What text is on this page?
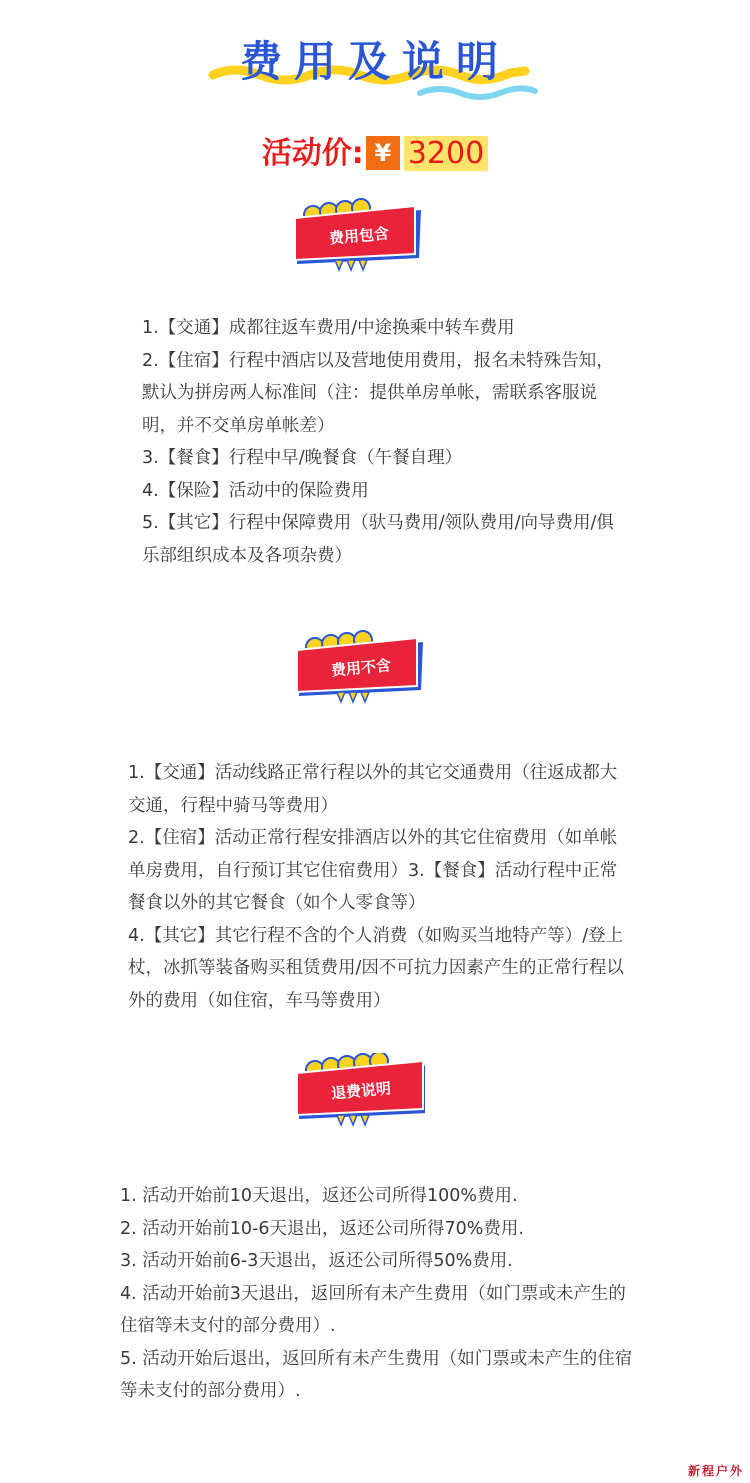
费用及说明
活动价: ¥ 3200
费用包含

1.【交通】成都往返车费用/中途换乘中转车费用

2.【住宿】行程中酒店以及营地使用费用，报名未特殊告知，默认为拼房两人标准间（注：提供单房单帐，需联系客服说明，并不交单房单帐差）

3.【餐食】行程中早/晚餐食（午餐自理）

4.【保险】活动中的保险费用

5.【其它】行程中保障费用（驮马费用/领队费用/向导费用/俱乐部组织成本及各项杂费）

费用不含

1.【交通】活动线路正常行程以外的其它交通费用（往返成都大交通，行程中骑马等费用）

2.【住宿】活动正常行程安排酒店以外的其它住宿费用（如单帐单房费用，自行预订其它住宿费用）3.【餐食】活动行程中正常餐食以外的其它餐食（如个人零食等）

4.【其它】其它行程不含的个人消费（如购买当地特产等）/登上杖，冰抓等装备购买租赁费用/因不可抗力因素产生的正常行程以外的费用（如住宿，车马等费用）

退费说明

1. 活动开始前10天退出，返还公司所得100%费用.

2. 活动开始前10-6天退出，返还公司所得70%费用.

3. 活动开始前6-3天退出，返还公司所得50%费用.

4. 活动开始前3天退出，返回所有未产生费用（如门票或未产生的住宿等未支付的部分费用）.

5. 活动开始后退出，返回所有未产生费用（如门票或未产生的住宿等未支付的部分费用）.

新程户外
